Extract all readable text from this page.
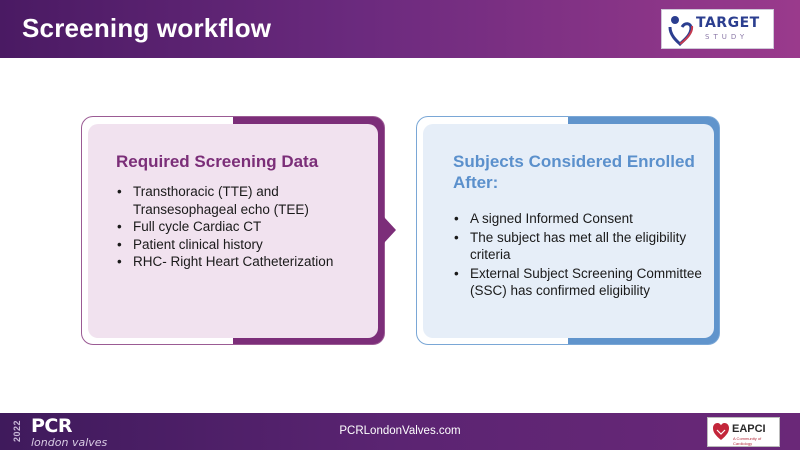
Screening workflow	TARGET
STUDY
Required Screening Data
• Transthoracic (TTE) and Transesophageal echo (TEE)
• Full cycle Cardiac CT
• Patient clinical history
• RHC- Right Heart Catheterization
Subjects Considered Enrolled After:
• A signed Informed Consent
• The subject has met all the eligibility criteria
• External Subject Screening Committee (SSC) has confirmed eligibility
2022 PCR
london valves
PCRLondonValves.com	EAPCI
A Community of Cardiology
